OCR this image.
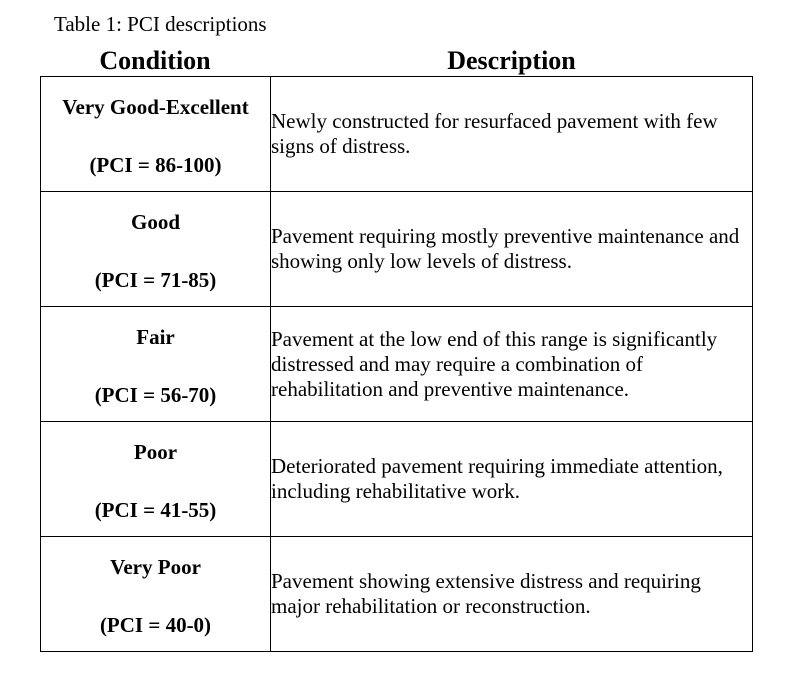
Table 1: PCI descriptions
Condition	Description
Very Good-Excellent
(PCI = 86-100)	Newly constructed for resurfaced pavement with few signs of distress.

Good
(PCI = 71-85)	Pavement requiring mostly preventive maintenance and showing only low levels of distress.

Fair
(PCI = 56-70)	Pavement at the low end of this range is significantly distressed and may require a combination of rehabilitation and preventive maintenance.

Poor
(PCI = 41-55)	Deteriorated pavement requiring immediate attention, including rehabilitative work.

Very Poor
(PCI = 40-0)	Pavement showing extensive distress and requiring major rehabilitation or reconstruction.
